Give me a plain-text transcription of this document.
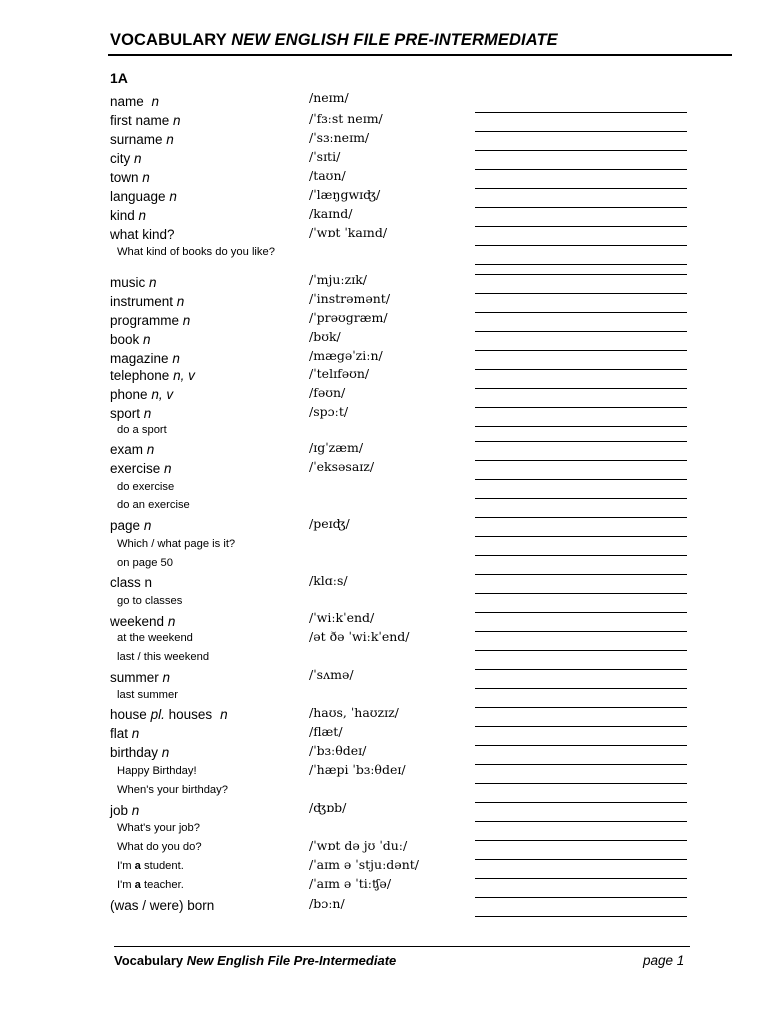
VOCABULARY NEW ENGLISH FILE PRE-INTERMEDIATE
1A
name n	/neɪm/
first name n	/ˈfɜːst neɪm/
surname n	/ˈsɜːneɪm/
city n	/ˈsɪti/
town n	/taʊn/
language n	/ˈlæŋgwɪʤ/
kind n	/kaɪnd/
what kind?	/ˈwɒt ˈkaɪnd/
What kind of books do you like?
music n	/ˈmjuːzɪk/
instrument n	/ˈinstrəmənt/
programme n	/ˈprəʊgræm/
book n	/bʊk/
magazine n	/mægəˈziːn/
telephone n, v	/ˈtelɪfəʊn/
phone n, v	/fəʊn/
sport n	/spɔːt/
do a sport
exam n	/ɪgˈzæm/
exercise n	/ˈeksəsaɪz/
do exercise
do an exercise
page n	/peɪʤ/
Which / what page is it?
on page 50
class n	/klɑːs/
go to classes
weekend n	/ˈwiːkˈend/
at the weekend	/ət ðə ˈwiːkˈend/
last / this weekend
summer n	/ˈsʌmə/
last summer
house pl. houses n	/haʊs, ˈhaʊzɪz/
flat n	/flæt/
birthday n	/ˈbɜːθdeɪ/
Happy Birthday!	/ˈhæpi ˈbɜːθdeɪ/
When's your birthday?
job n	/ʤɒb/
What's your job?
What do you do?	/ˈwɒt də jʊ ˈduː/
I'm a student.	/ˈaɪm ə ˈstjuːdənt/
I'm a teacher.	/ˈaɪm ə ˈtiːʧə/
(was / were) born	/bɔːn/
Vocabulary New English File Pre-Intermediate	page 1
